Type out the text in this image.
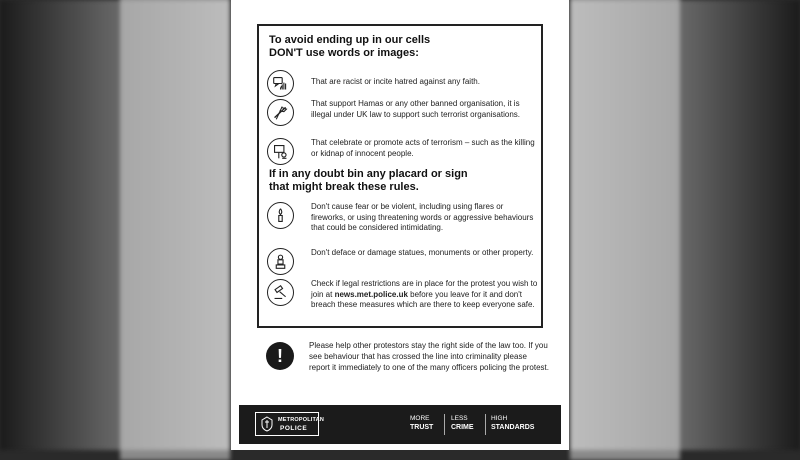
To avoid ending up in our cells
DON'T use words or images:
That are racist or incite hatred against any faith.
That support Hamas or any other banned organisation, it is illegal under UK law to support such terrorist organisations.
That celebrate or promote acts of terrorism – such as the killing or kidnap of innocent people.
If in any doubt bin any placard or sign
that might break these rules.
Don't cause fear or be violent, including using flares or fireworks, or using threatening words or aggressive behaviours that could be considered intimidating.
Don't deface or damage statues, monuments or other property.
Check if legal restrictions are in place for the protest you wish to join at news.met.police.uk before you leave for it and don't breach these measures which are there to keep everyone safe.
!
Please help other protestors stay the right side of the law too. If you see behaviour that has crossed the line into criminality please report it immediately to one of the many officers policing the protest.
METROPOLITAN
POLICE
MORE
TRUST
LESS
CRIME
HIGH
STANDARDS
